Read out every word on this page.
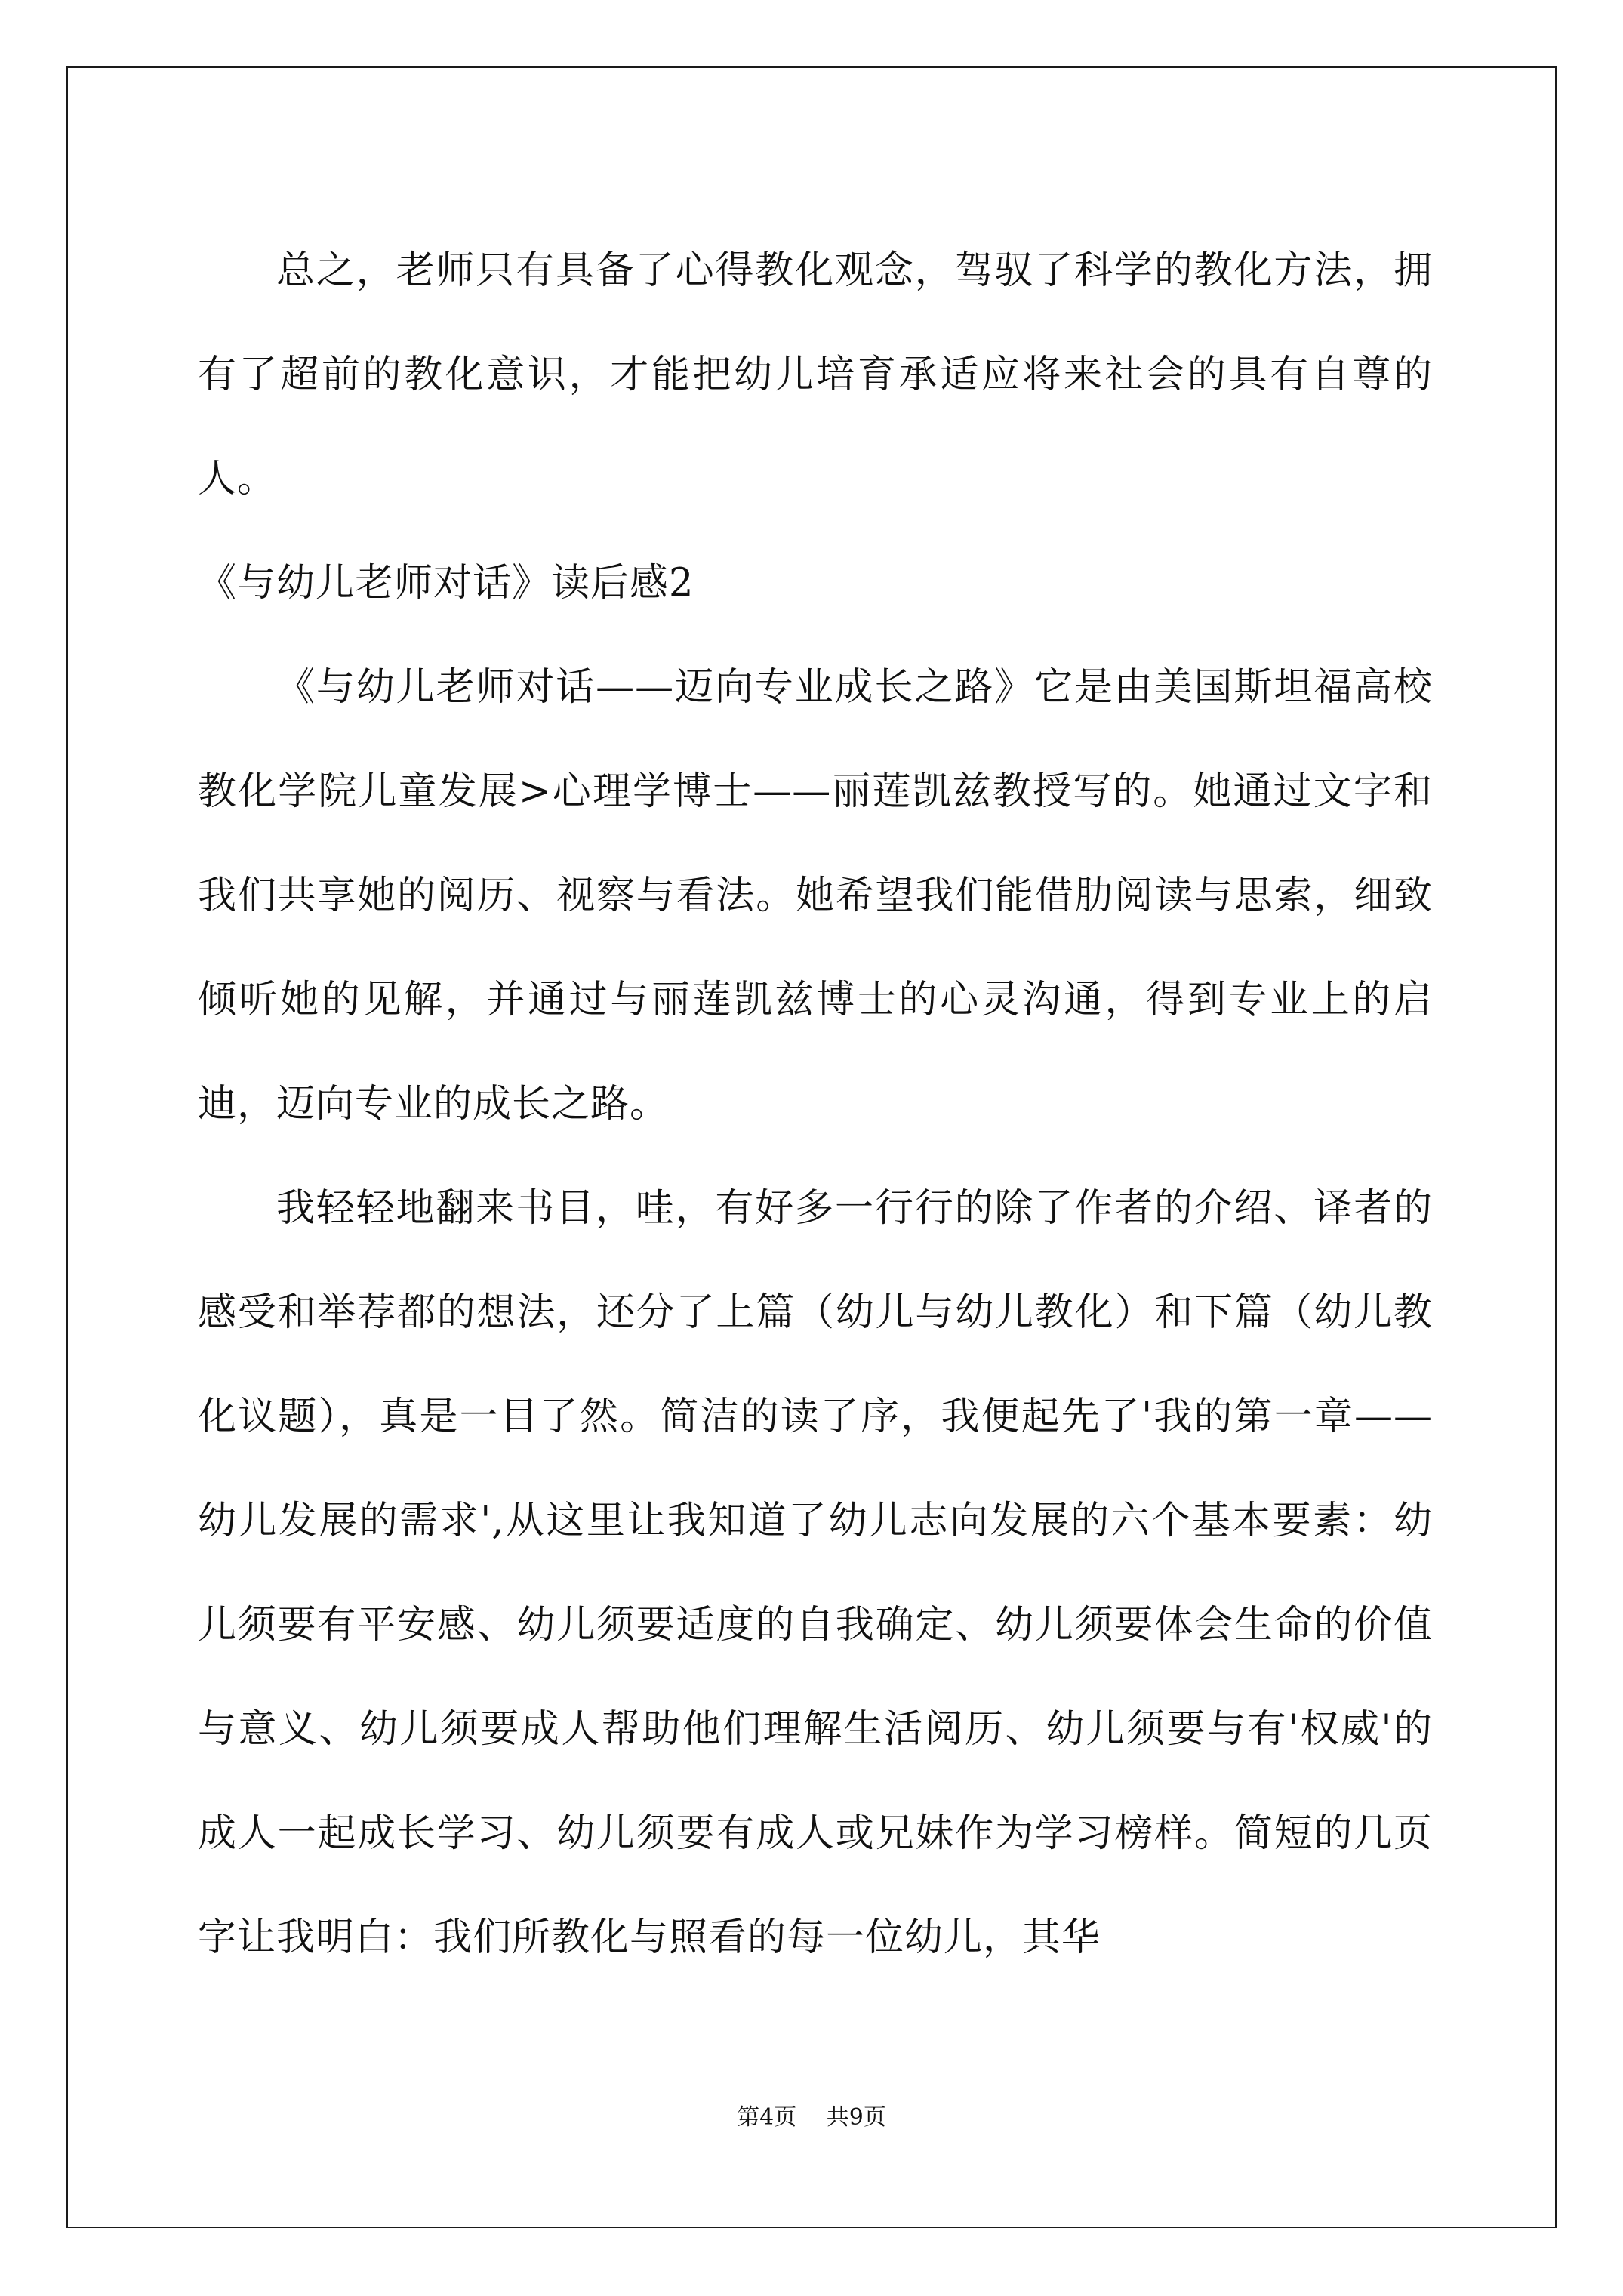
总之，老师只有具备了心得教化观念，驾驭了科学的教化方法，拥有了超前的教化意识，才能把幼儿培育承适应将来社会的具有自尊的人。

《与幼儿老师对话》读后感2

《与幼儿老师对话——迈向专业成长之路》它是由美国斯坦福高校教化学院儿童发展>心理学博士——丽莲凯兹教授写的。她通过文字和我们共享她的阅历、视察与看法。她希望我们能借肋阅读与思索，细致倾听她的见解，并通过与丽莲凯兹博士的心灵沟通，得到专业上的启迪，迈向专业的成长之路。

我轻轻地翻来书目，哇，有好多一行行的除了作者的介绍、译者的感受和举荐都的想法，还分了上篇（幼儿与幼儿教化）和下篇（幼儿教化议题），真是一目了然。简洁的读了序，我便起先了'我的第一章——幼儿发展的需求',从这里让我知道了幼儿志向发展的六个基本要素：幼儿须要有平安感、幼儿须要适度的自我确定、幼儿须要体会生命的价值与意义、幼儿须要成人帮助他们理解生活阅历、幼儿须要与有'权威'的成人一起成长学习、幼儿须要有成人或兄妹作为学习榜样。简短的几页字让我明白：我们所教化与照看的每一位幼儿，其华

第4页 共9页
